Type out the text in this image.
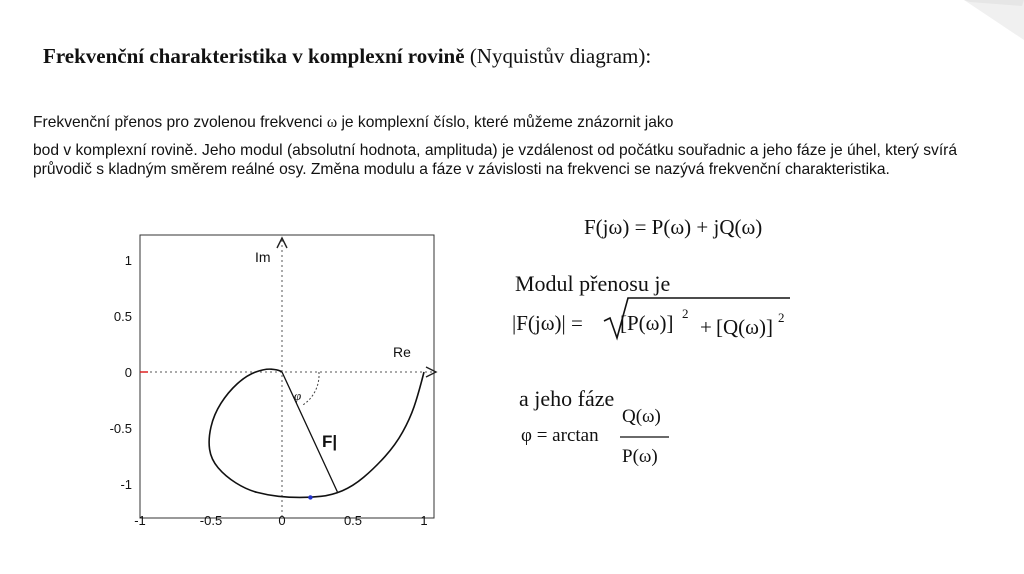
Frekvenční charakteristika v komplexní rovině (Nyquistův diagram):
Frekvenční přenos pro zvolenou frekvenci ω je komplexní číslo, které můžeme znázornit jako
bod v komplexní rovině. Jeho modul (absolutní hodnota, amplituda) je vzdálenost od počátku souřadnic a jeho fáze je úhel, který svírá průvodič s kladným směrem reálné osy. Změna modulu a fáze v závislosti na frekvenci se nazývá frekvenční charakteristika.
F(jω) = P(ω) + jQ(ω)
Modul přenosu je
a jeho fáze
|F(jω)| = [P(ω)] 2
+ [Q(ω)] 2
φ = arctan
Q(ω)
P(ω)
1
0.5
0
-0.5
-1
-1	-0.5	0	0.5	1
Im
Re
φ
F|
